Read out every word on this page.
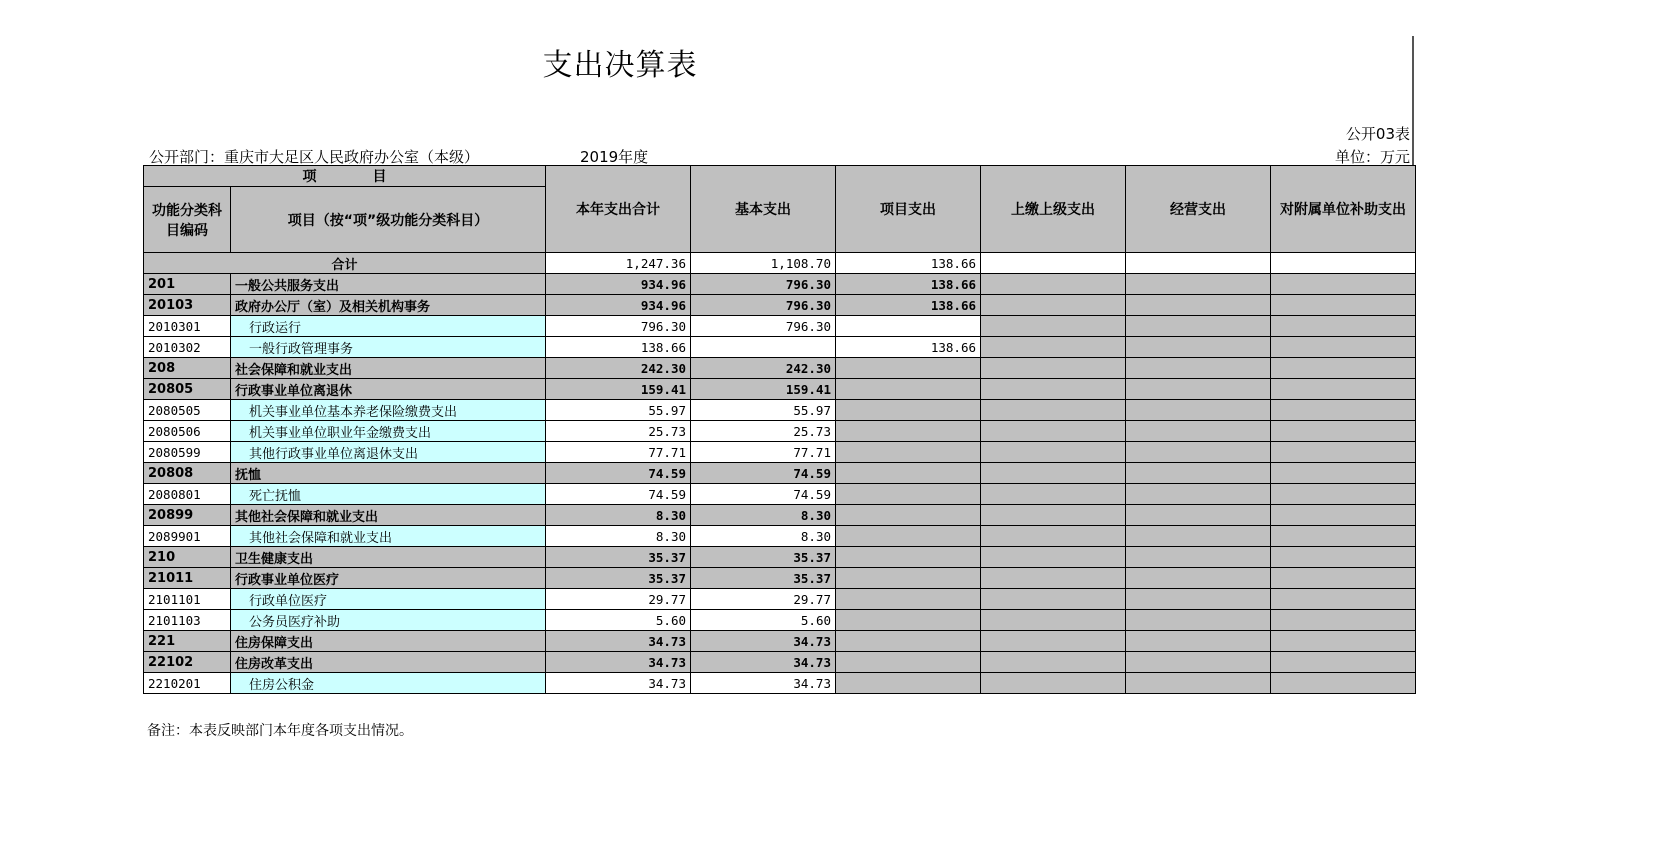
支出决算表
公开03表
公开部门：重庆市大足区人民政府办公室（本级）	2019年度	单位：万元
项　　　　目		本年支出合计	基本支出	项目支出	上缴上级支出	经营支出	对附属单位补助支出
功能分类科目编码	项目（按“项”级功能分类科目）						
合计		1,247.36	1,108.70	138.66			
201	一般公共服务支出	934.96	796.30	138.66			
20103	政府办公厅（室）及相关机构事务	934.96	796.30	138.66			
2010301	行政运行	796.30	796.30				
2010302	一般行政管理事务	138.66		138.66			
208	社会保障和就业支出	242.30	242.30				
20805	行政事业单位离退休	159.41	159.41				
2080505	机关事业单位基本养老保险缴费支出	55.97	55.97				
2080506	机关事业单位职业年金缴费支出	25.73	25.73				
2080599	其他行政事业单位离退休支出	77.71	77.71				
20808	抚恤	74.59	74.59				
2080801	死亡抚恤	74.59	74.59				
20899	其他社会保障和就业支出	8.30	8.30				
2089901	其他社会保障和就业支出	8.30	8.30				
210	卫生健康支出	35.37	35.37				
21011	行政事业单位医疗	35.37	35.37				
2101101	行政单位医疗	29.77	29.77				
2101103	公务员医疗补助	5.60	5.60				
221	住房保障支出	34.73	34.73				
22102	住房改革支出	34.73	34.73				
2210201	住房公积金	34.73	34.73				
备注：本表反映部门本年度各项支出情况。
